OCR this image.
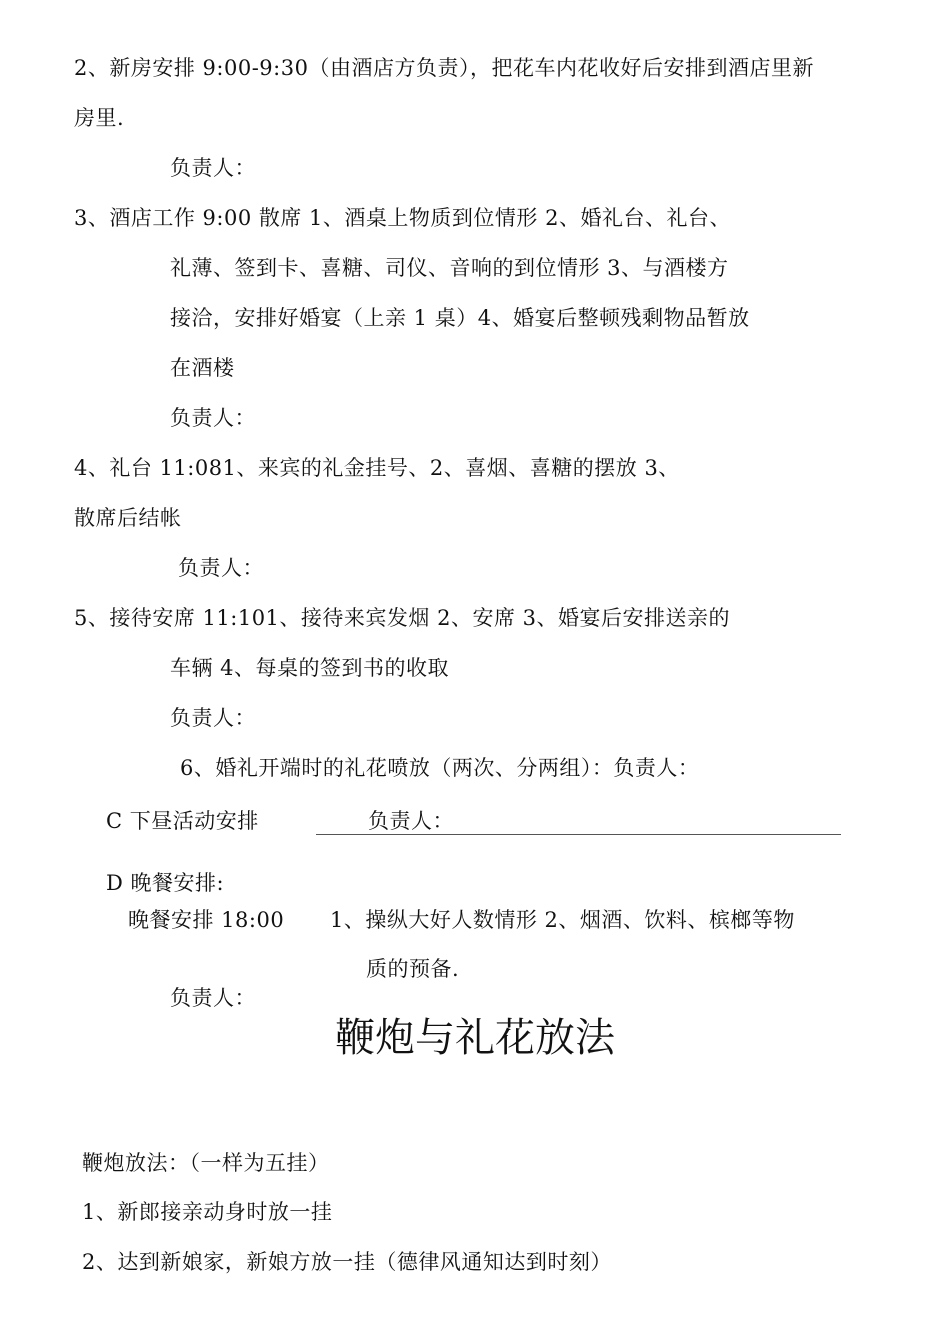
2、新房安排 9:00-9:30（由酒店方负责），把花车内花收好后安排到酒店里新
房里.
负责人：
3、酒店工作 9:00 散席 1、酒桌上物质到位情形 2、婚礼台、礼台、
礼薄、签到卡、喜糖、司仪、音响的到位情形 3、与酒楼方
接洽，安排好婚宴（上亲 1 桌）4、婚宴后整顿残剩物品暂放
在酒楼
负责人：
4、礼台 11:081、来宾的礼金挂号、2、喜烟、喜糖的摆放 3、
散席后结帐
负责人：
5、接待安席 11:101、接待来宾发烟 2、安席 3、婚宴后安排送亲的
车辆 4、每桌的签到书的收取
负责人：
6、婚礼开端时的礼花喷放（两次、分两组）：负责人：
C 下昼活动安排	负责人：
D 晚餐安排:
晚餐安排 18:00 1、操纵大好人数情形 2、烟酒、饮料、槟榔等物
质的预备.
负责人：
鞭炮与礼花放法
鞭炮放法：（一样为五挂）
1、新郎接亲动身时放一挂
2、达到新娘家，新娘方放一挂（德律风通知达到时刻）
